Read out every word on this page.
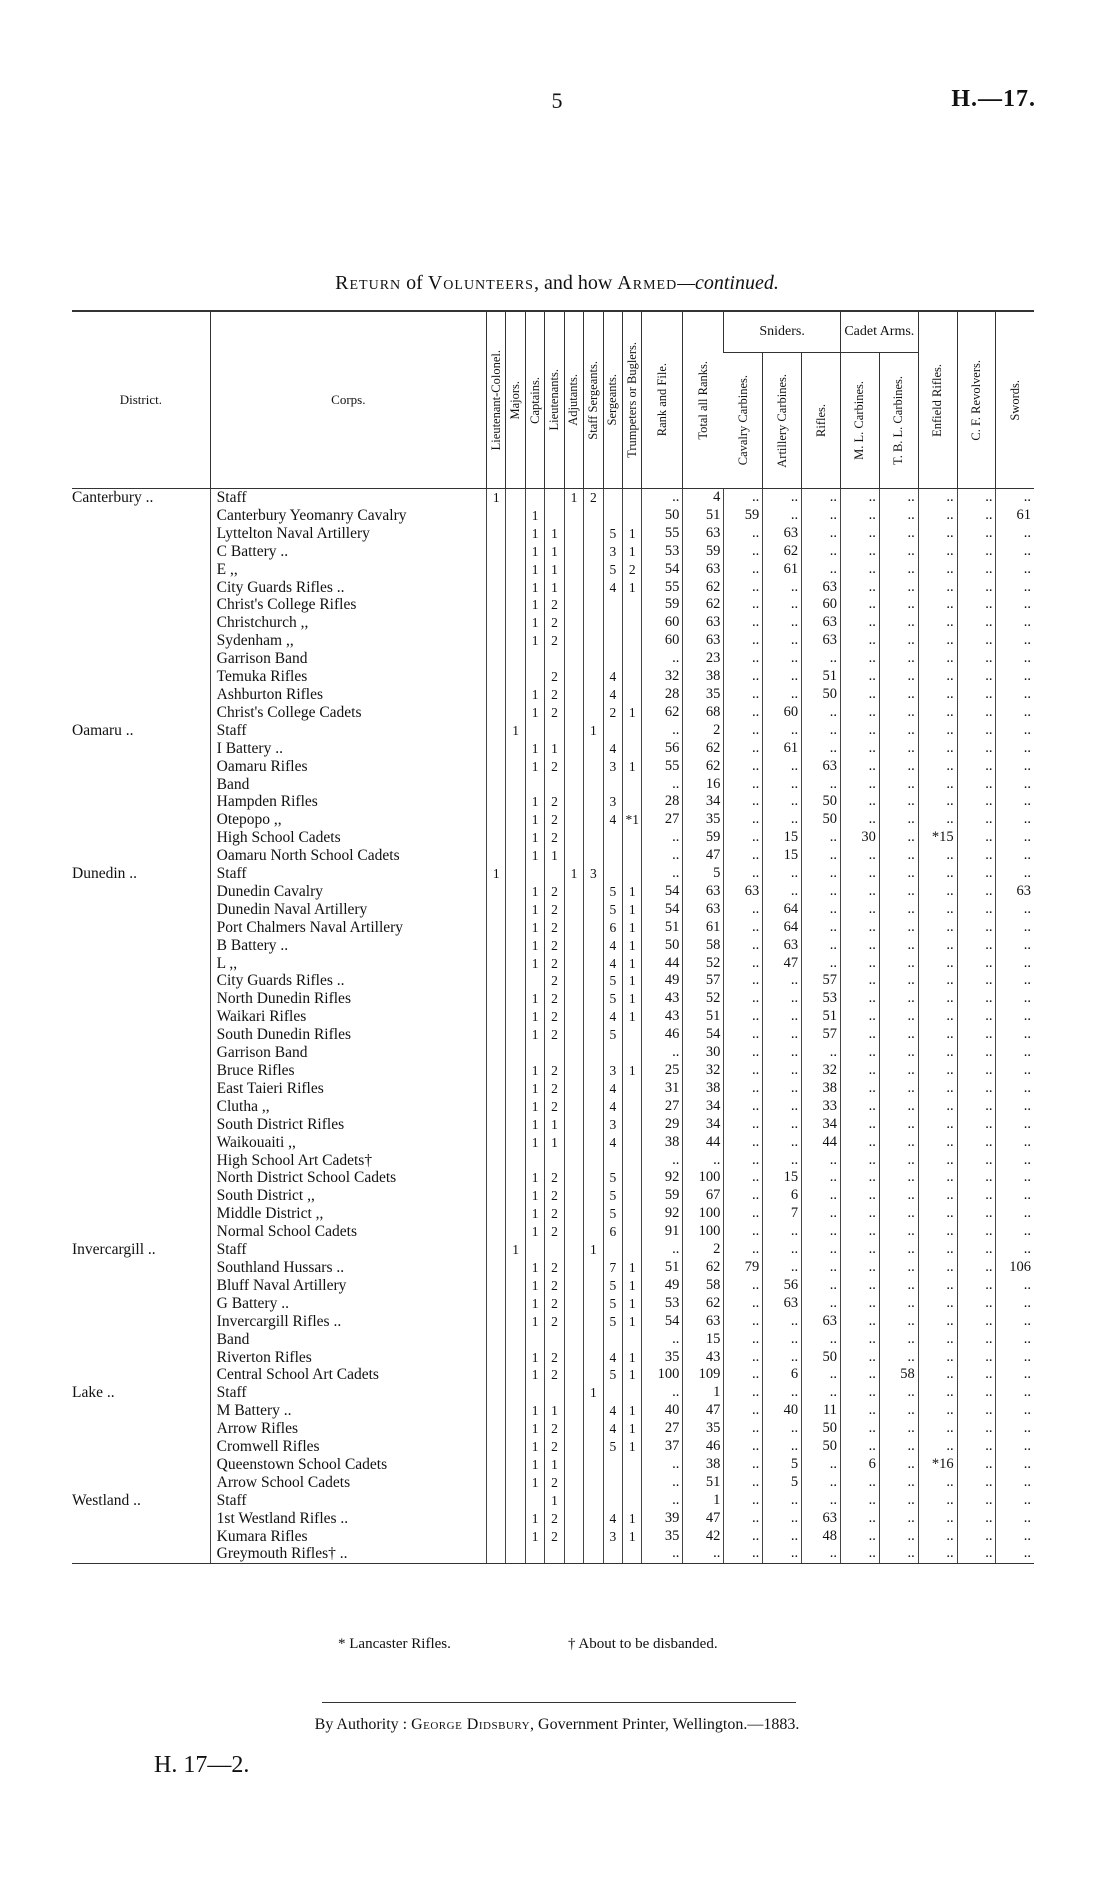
5	H.—17.
Return of Volunteers, and how Armed—continued.
District.	Corps.	Lieutenant-Colonel.	Majors.	Captains.	Lieutenants.	Adjutants.	Staff Sergeants.	Sergeants.	Trumpeters or Buglers.	Rank and File.	Total all Ranks.	Sniders.			Cadet Arms.		Enfield Rifles.	C. F. Revolvers.	Swords.

												Cavalry Carbines.	Artillery Carbines.	Rifles.	M. L. Carbines.	T. B. L. Carbines.			

Canterbury ..	Staff	1				1	2			..	4	..	..	..	..	..	..	..	..
	Canterbury Yeomanry Cavalry			1						50	51	59	..	..	..	..	..	..	61
	Lyttelton Naval Artillery			1	1			5	1	55	63	..	63	..	..	..	..	..	..
	C Battery ..			1	1			3	1	53	59	..	62	..	..	..	..	..	..
	E ,,			1	1			5	2	54	63	..	61	..	..	..	..	..	..
	City Guards Rifles ..			1	1			4	1	55	62	..	..	63	..	..	..	..	..
	Christ's College Rifles			1	2					59	62	..	..	60	..	..	..	..	..
	Christchurch ,,			1	2					60	63	..	..	63	..	..	..	..	..
	Sydenham ,,			1	2					60	63	..	..	63	..	..	..	..	..
	Garrison Band									..	23	..	..	..	..	..	..	..	..
	Temuka Rifles				2			4		32	38	..	..	51	..	..	..	..	..
	Ashburton Rifles			1	2			4		28	35	..	..	50	..	..	..	..	..
	Christ's College Cadets			1	2			2	1	62	68	..	60	..	..	..	..	..	..
Oamaru ..	Staff		1				1			..	2	..	..	..	..	..	..	..	..
	I Battery ..			1	1			4		56	62	..	61	..	..	..	..	..	..
	Oamaru Rifles			1	2			3	1	55	62	..	..	63	..	..	..	..	..
	Band									..	16	..	..	..	..	..	..	..	..
	Hampden Rifles			1	2			3		28	34	..	..	50	..	..	..	..	..
	Otepopo ,,			1	2			4	*1	27	35	..	..	50	..	..	..	..	..
	High School Cadets			1	2					..	59	..	15	..	30	..	*15	..	..
	Oamaru North School Cadets			1	1					..	47	..	15	..	..	..	..	..	..
Dunedin ..	Staff	1				1	3			..	5	..	..	..	..	..	..	..	..
	Dunedin Cavalry			1	2			5	1	54	63	63	..	..	..	..	..	..	63
	Dunedin Naval Artillery			1	2			5	1	54	63	..	64	..	..	..	..	..	..
	Port Chalmers Naval Artillery			1	2			6	1	51	61	..	64	..	..	..	..	..	..
	B Battery ..			1	2			4	1	50	58	..	63	..	..	..	..	..	..
	L ,,			1	2			4	1	44	52	..	47	..	..	..	..	..	..
	City Guards Rifles ..				2			5	1	49	57	..	..	57	..	..	..	..	..
	North Dunedin Rifles			1	2			5	1	43	52	..	..	53	..	..	..	..	..
	Waikari Rifles			1	2			4	1	43	51	..	..	51	..	..	..	..	..
	South Dunedin Rifles			1	2			5		46	54	..	..	57	..	..	..	..	..
	Garrison Band									..	30	..	..	..	..	..	..	..	..
	Bruce Rifles			1	2			3	1	25	32	..	..	32	..	..	..	..	..
	East Taieri Rifles			1	2			4		31	38	..	..	38	..	..	..	..	..
	Clutha ,,			1	2			4		27	34	..	..	33	..	..	..	..	..
	South District Rifles			1	1			3		29	34	..	..	34	..	..	..	..	..
	Waikouaiti ,,			1	1			4		38	44	..	..	44	..	..	..	..	..
	High School Art Cadets†									..	..	..	..	..	..	..	..	..	..
	North District School Cadets			1	2			5		92	100	..	15	..	..	..	..	..	..
	South District ,,			1	2			5		59	67	..	6	..	..	..	..	..	..
	Middle District ,,			1	2			5		92	100	..	7	..	..	..	..	..	..
	Normal School Cadets			1	2			6		91	100	..	..	..	..	..	..	..	..
Invercargill ..	Staff		1				1			..	2	..	..	..	..	..	..	..	..
	Southland Hussars ..			1	2			7	1	51	62	79	..	..	..	..	..	..	106
	Bluff Naval Artillery			1	2			5	1	49	58	..	56	..	..	..	..	..	..
	G Battery ..			1	2			5	1	53	62	..	63	..	..	..	..	..	..
	Invercargill Rifles ..			1	2			5	1	54	63	..	..	63	..	..	..	..	..
	Band									..	15	..	..	..	..	..	..	..	..
	Riverton Rifles			1	2			4	1	35	43	..	..	50	..	..	..	..	..
	Central School Art Cadets			1	2			5	1	100	109	..	6	..	..	58	..	..	..
Lake ..	Staff						1			..	1	..	..	..	..	..	..	..	..
	M Battery ..			1	1			4	1	40	47	..	40	11	..	..	..	..	..
	Arrow Rifles			1	2			4	1	27	35	..	..	50	..	..	..	..	..
	Cromwell Rifles			1	2			5	1	37	46	..	..	50	..	..	..	..	..
	Queenstown School Cadets			1	1					..	38	..	5	..	6	..	*16	..	..
	Arrow School Cadets			1	2					..	51	..	5	..	..	..	..	..	..
Westland ..	Staff				1					..	1	..	..	..	..	..	..	..	..
	1st Westland Rifles ..			1	2			4	1	39	47	..	..	63	..	..	..	..	..
	Kumara Rifles			1	2			3	1	35	42	..	..	48	..	..	..	..	..
	Greymouth Rifles† ..									..	..	..	..	..	..	..	..	..	..
* Lancaster Rifles.	† About to be disbanded.
By Authority : George Didsbury, Government Printer, Wellington.—1883.
H. 17—2.
